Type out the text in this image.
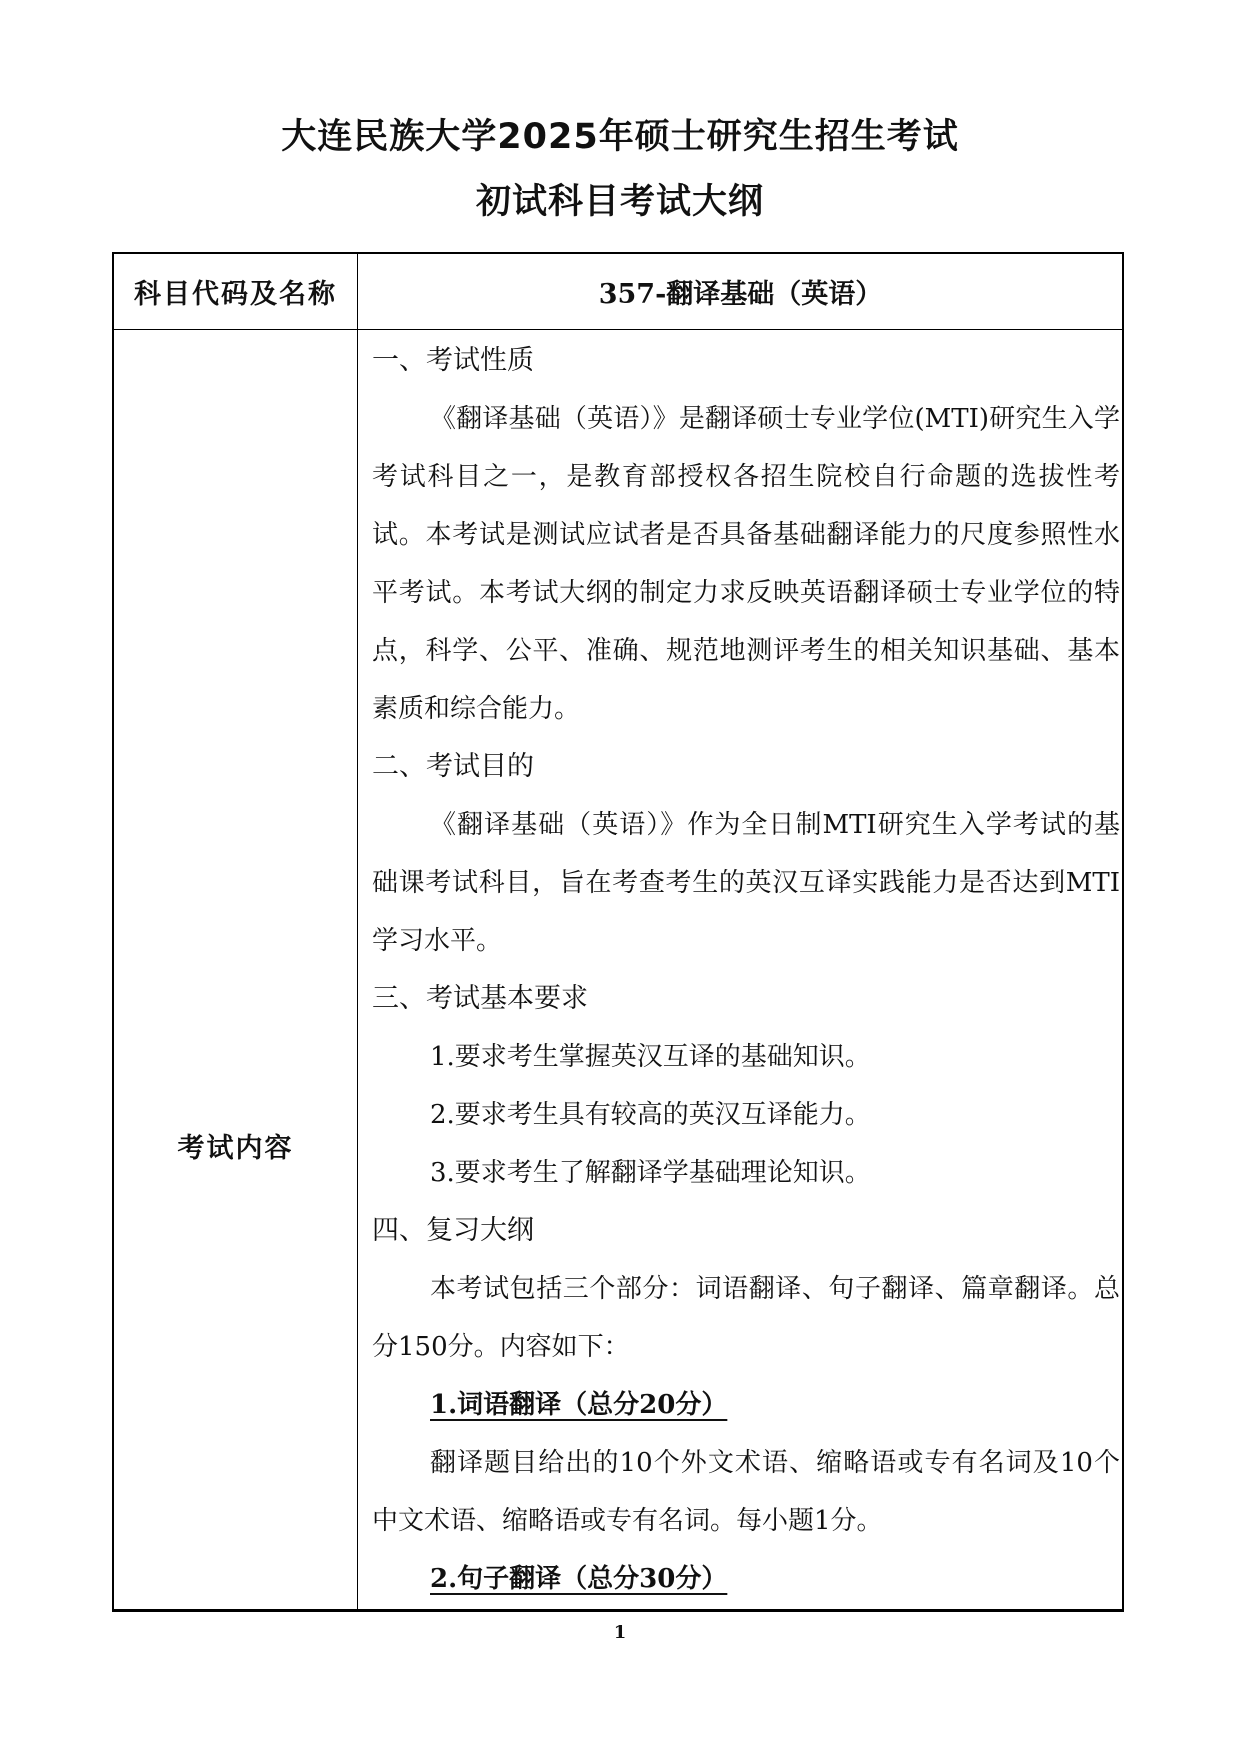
大连民族大学2025年硕士研究生招生考试
初试科目考试大纲
科目代码及名称	357-翻译基础（英语）
考试内容
一、考试性质

《翻译基础（英语）》是翻译硕士专业学位(MTI)研究生入学考试科目之一，是教育部授权各招生院校自行命题的选拔性考试。本考试是测试应试者是否具备基础翻译能力的尺度参照性水平考试。本考试大纲的制定力求反映英语翻译硕士专业学位的特点，科学、公平、准确、规范地测评考生的相关知识基础、基本素质和综合能力。

二、考试目的

《翻译基础（英语）》作为全日制MTI研究生入学考试的基础课考试科目，旨在考查考生的英汉互译实践能力是否达到MTI学习水平。

三、考试基本要求
1.要求考生掌握英汉互译的基础知识。
2.要求考生具有较高的英汉互译能力。
3.要求考生了解翻译学基础理论知识。
四、复习大纲

本考试包括三个部分：词语翻译、句子翻译、篇章翻译。总分150分。内容如下：

1.词语翻译（总分20分）

翻译题目给出的10个外文术语、缩略语或专有名词及10个中文术语、缩略语或专有名词。每小题1分。

2.句子翻译（总分30分）
1
